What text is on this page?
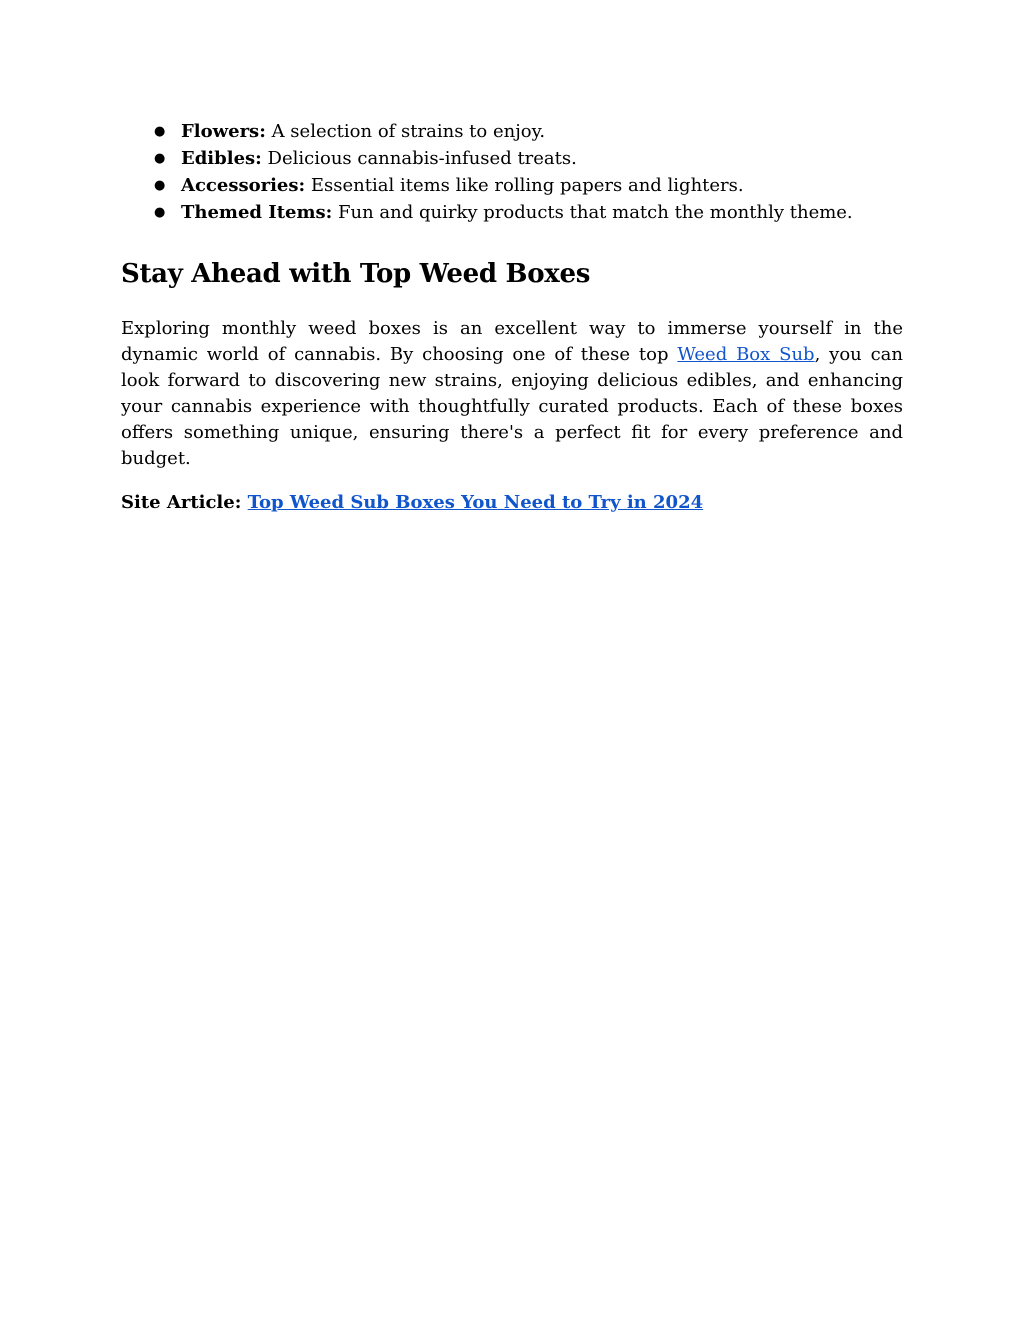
● Flowers: A selection of strains to enjoy.
● Edibles: Delicious cannabis-infused treats.
● Accessories: Essential items like rolling papers and lighters.
● Themed Items: Fun and quirky products that match the monthly theme.
Stay Ahead with Top Weed Boxes

Exploring monthly weed boxes is an excellent way to immerse yourself in the dynamic world of cannabis. By choosing one of these top Weed Box Sub, you can look forward to discovering new strains, enjoying delicious edibles, and enhancing your cannabis experience with thoughtfully curated products. Each of these boxes offers something unique, ensuring there's a perfect fit for every preference and budget.

Site Article: Top Weed Sub Boxes You Need to Try in 2024
